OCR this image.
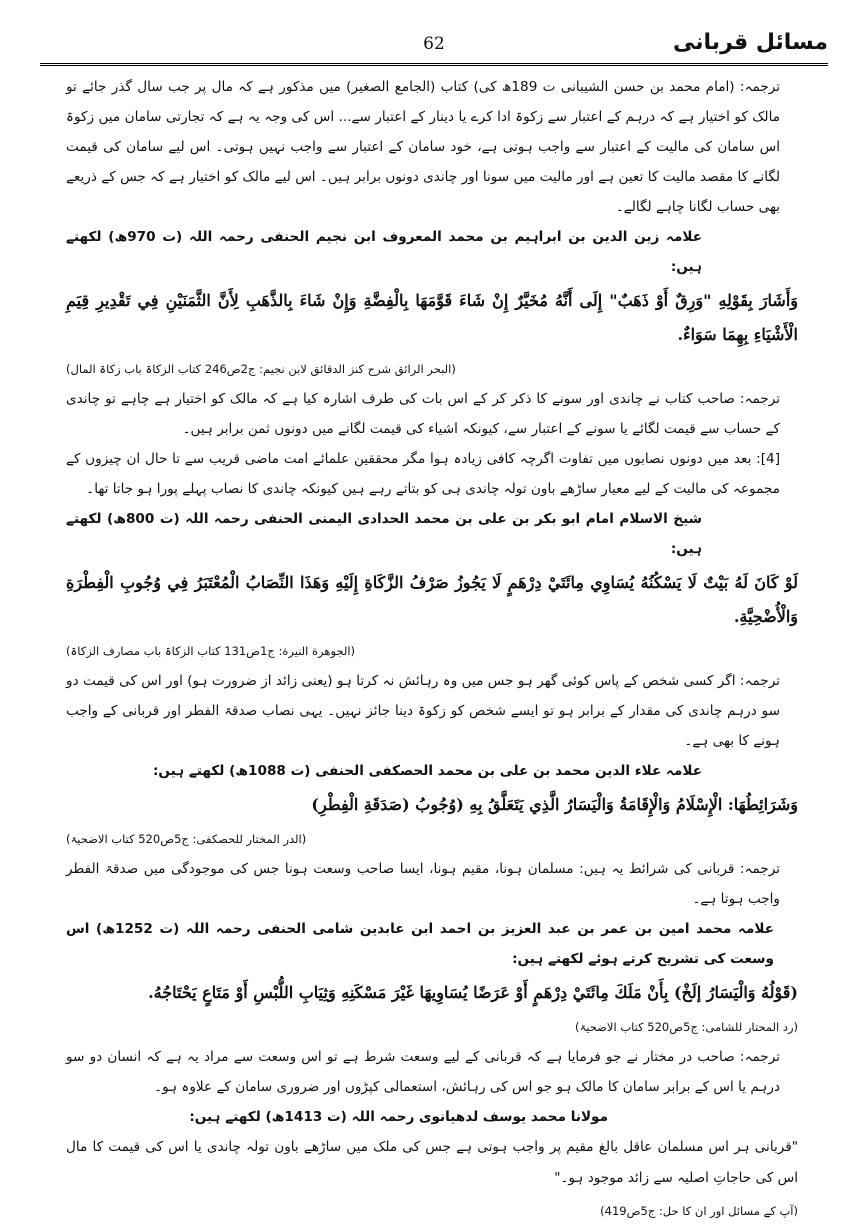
مسائل قربانی
62

ترجمہ: (امام محمد بن حسن الشیبانی ت 189ھ کی) کتاب (الجامع الصغیر) میں مذکور ہے کہ مال پر جب سال گذر جائے تو مالک کو اختیار ہے کہ درہم کے اعتبار سے زکوۃ ادا کرے یا دینار کے اعتبار سے... اس کی وجہ یہ ہے کہ تجارتی سامان میں زکوۃ اس سامان کی مالیت کے اعتبار سے واجب ہوتی ہے، خود سامان کے اعتبار سے واجب نہیں ہوتی۔ اس لیے سامان کی قیمت لگانے کا مقصد مالیت کا تعین ہے اور مالیت میں سونا اور چاندی دونوں برابر ہیں۔ اس لیے مالک کو اختیار ہے کہ جس کے ذریعے بھی حساب لگانا چاہے لگالے۔

علامہ زین الدین بن ابراہیم بن محمد المعروف ابن نجیم الحنفی رحمہ اللہ (ت 970ھ) لکھتے ہیں:

وَأَشَارَ بِقَوْلِهِ "وَرِقٌ أَوْ ذَهَبٌ" إِلَى أَنَّهُ مُخَيَّرٌ إِنْ شَاءَ قَوَّمَهَا بِالْفِضَّةِ وَإِنْ شَاءَ بِالذَّهَبِ لِأَنَّ الثَّمَنَيْنِ فِي تَقْدِيرِ قِيَمِ الْأَشْيَاءِ بِهِمَا سَوَاءٌ.

(البحر الرائق شرح کنز الدقائق لابن نجیم: ج2ص246 کتاب الزکاۃ باب زکاۃ المال)

ترجمہ: صاحب کتاب نے چاندی اور سونے کا ذکر کر کے اس بات کی طرف اشارہ کیا ہے کہ مالک کو اختیار ہے چاہے تو چاندی کے حساب سے قیمت لگائے یا سونے کے اعتبار سے، کیونکہ اشیاء کی قیمت لگانے میں دونوں ثمن برابر ہیں۔

[4]: بعد میں دونوں نصابوں میں تفاوت اگرچہ کافی زیادہ ہوا مگر محققین علمائے امت ماضی قریب سے تا حال ان چیزوں کے مجموعہ کی مالیت کے لیے معیار ساڑھے باون تولہ چاندی ہی کو بتاتے رہے ہیں کیونکہ چاندی کا نصاب پہلے پورا ہو جاتا تھا۔

شیخ الاسلام امام ابو بکر بن علی بن محمد الحدادی الیمنی الحنفی رحمہ اللہ (ت 800ھ) لکھتے ہیں:

لَوْ كَانَ لَهُ بَيْتٌ لَا يَسْكُنُهُ يُسَاوِي مِائَتَيْ دِرْهَمٍ لَا يَجُوزُ صَرْفُ الزَّكَاةِ إِلَيْهِ وَهَذَا النِّصَابُ الْمُعْتَبَرُ فِي وُجُوبِ الْفِطْرَةِ وَالْأُضْحِيَّةِ.

(الجوهرة النيرة: ج1ص131 کتاب الزکاۃ باب مصارف الزکاۃ)

ترجمہ: اگر کسی شخص کے پاس کوئی گھر ہو جس میں وہ رہائش نہ کرتا ہو (یعنی زائد از ضرورت ہو) اور اس کی قیمت دو سو درہم چاندی کی مقدار کے برابر ہو تو ایسے شخص کو زکوۃ دینا جائز نہیں۔ یہی نصاب صدقۃ الفطر اور قربانی کے واجب ہونے کا بھی ہے۔

علامہ علاء الدین محمد بن علی بن محمد الحصکفی الحنفی (ت 1088ھ) لکھتے ہیں:

وَشَرَائِطُهَا: الْإِسْلَامُ وَالْإِقَامَةُ وَالْيَسَارُ الَّذِي يَتَعَلَّقُ بِهِ (وُجُوبُ (صَدَقَةِ الْفِطْرِ)

(الدر المختار للحصکفی: ج5ص520 کتاب الاضحیۃ)

ترجمہ: قربانی کی شرائط یہ ہیں: مسلمان ہونا، مقیم ہونا، ایسا صاحب وسعت ہونا جس کی موجودگی میں صدقۃ الفطر واجب ہوتا ہے۔

علامہ محمد امین بن عمر بن عبد العزیز بن احمد ابن عابدین شامی الحنفی رحمہ اللہ (ت 1252ھ) اس وسعت کی تشریح کرتے ہوئے لکھتے ہیں:

(قَوْلُهُ وَالْيَسَارُ إلَخْ) بِأَنْ مَلَكَ مِائَتَيْ دِرْهَمٍ أَوْ عَرَضًا يُسَاوِيهَا غَيْرَ مَسْكَنِهِ وَثِيَابِ اللُّبْسِ أَوْ مَتَاعٍ يَحْتَاجُهُ.

(رد المحتار للشامی: ج5ص520 کتاب الاضحیۃ)

ترجمہ: صاحب در مختار نے جو فرمایا ہے کہ قربانی کے لیے وسعت شرط ہے تو اس وسعت سے مراد یہ ہے کہ انسان دو سو درہم یا اس کے برابر سامان کا مالک ہو جو اس کی رہائش، استعمالی کپڑوں اور ضروری سامان کے علاوہ ہو۔

مولانا محمد یوسف لدھیانوی رحمہ اللہ (ت 1413ھ) لکھتے ہیں:

"قربانی ہر اس مسلمان عاقل بالغ مقیم پر واجب ہوتی ہے جس کی ملک میں ساڑھے باون تولہ چاندی یا اس کی قیمت کا مال اس کی حاجاتِ اصلیہ سے زائد موجود ہو۔"

(آپ کے مسائل اور ان کا حل: ج5ص419)
